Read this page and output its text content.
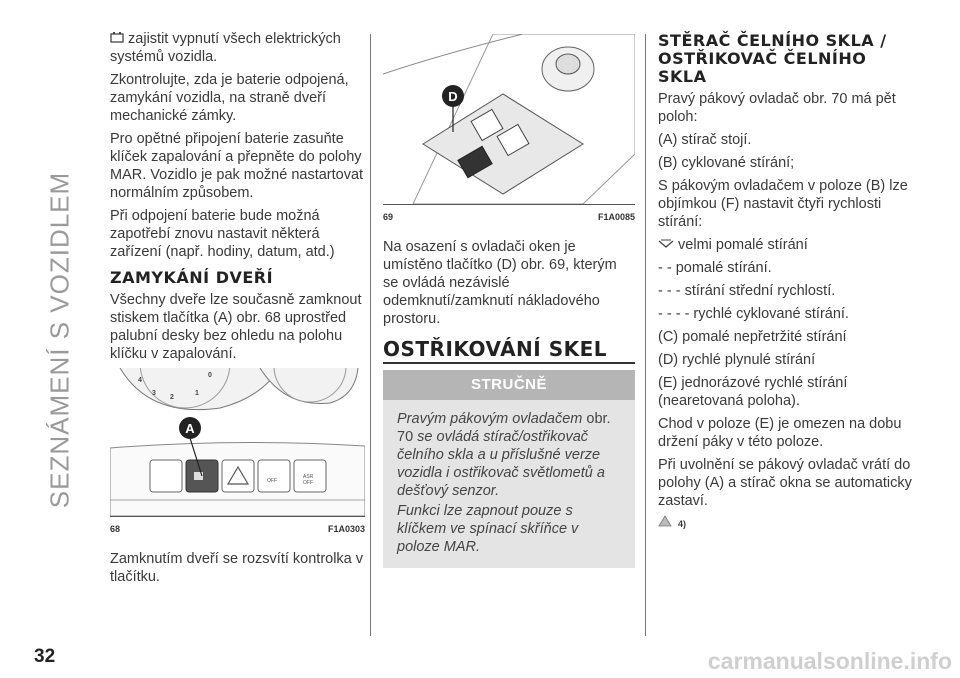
SEZNÁMENÍ S VOZIDLEM

zajistit vypnutí všech elektrických systémů vozidla.

Zkontrolujte, zda je baterie odpojená, zamykání vozidla, na straně dveří mechanické zámky.

Pro opětné připojení baterie zasuňte klíček zapalování a přepněte do polohy MAR. Vozidlo je pak možné nastartovat normálním způsobem.

Při odpojení baterie bude možná zapotřebí znovu nastavit některá zařízení (např. hodiny, datum, atd.)

ZAMYKÁNÍ DVEŘÍ

Všechny dveře lze současně zamknout stiskem tlačítka (A) obr. 68 uprostřed palubní desky bez ohledu na polohu klíčku v zapalování.

4
3
2
1
0
OFF
ASR
OFF
A
68	F1A0303

Zamknutím dveří se rozsvítí kontrolka v tlačítku.

D
69	F1A0085

Na osazení s ovladači oken je umístěno tlačítko (D) obr. 69, kterým se ovládá nezávislé odemknutí/zamknutí nákladového prostoru.

OSTŘIKOVÁNÍ SKEL
STRUČNĚ

Pravým pákovým ovladačem obr. 70 se ovládá stírač/ostřikovač čelního skla a u příslušné verze vozidla i ostřikovač světlometů a dešťový senzor.

Funkci lze zapnout pouze s klíčkem ve spínací skříňce v poloze MAR.

STĚRAČ ČELNÍHO SKLA / OSTŘIKOVAČ ČELNÍHO SKLA

Pravý pákový ovladač obr. 70 má pět poloh:

(A) stírač stojí.

(B) cyklované stírání;

S pákovým ovladačem v poloze (B) lze objímkou (F) nastavit čtyři rychlosti stírání:

velmi pomalé stírání

- - pomalé stírání.

- - - stírání střední rychlostí.

- - - - rychlé cyklované stírání.

(C) pomalé nepřetržité stírání

(D) rychlé plynulé stírání

(E) jednorázové rychlé stírání (nearetovaná poloha).

Chod v poloze (E) je omezen na dobu držení páky v této poloze.

Při uvolnění se pákový ovladač vrátí do polohy (A) a stírač okna se automaticky zastaví.

4)
32	carmanualsonline.info
